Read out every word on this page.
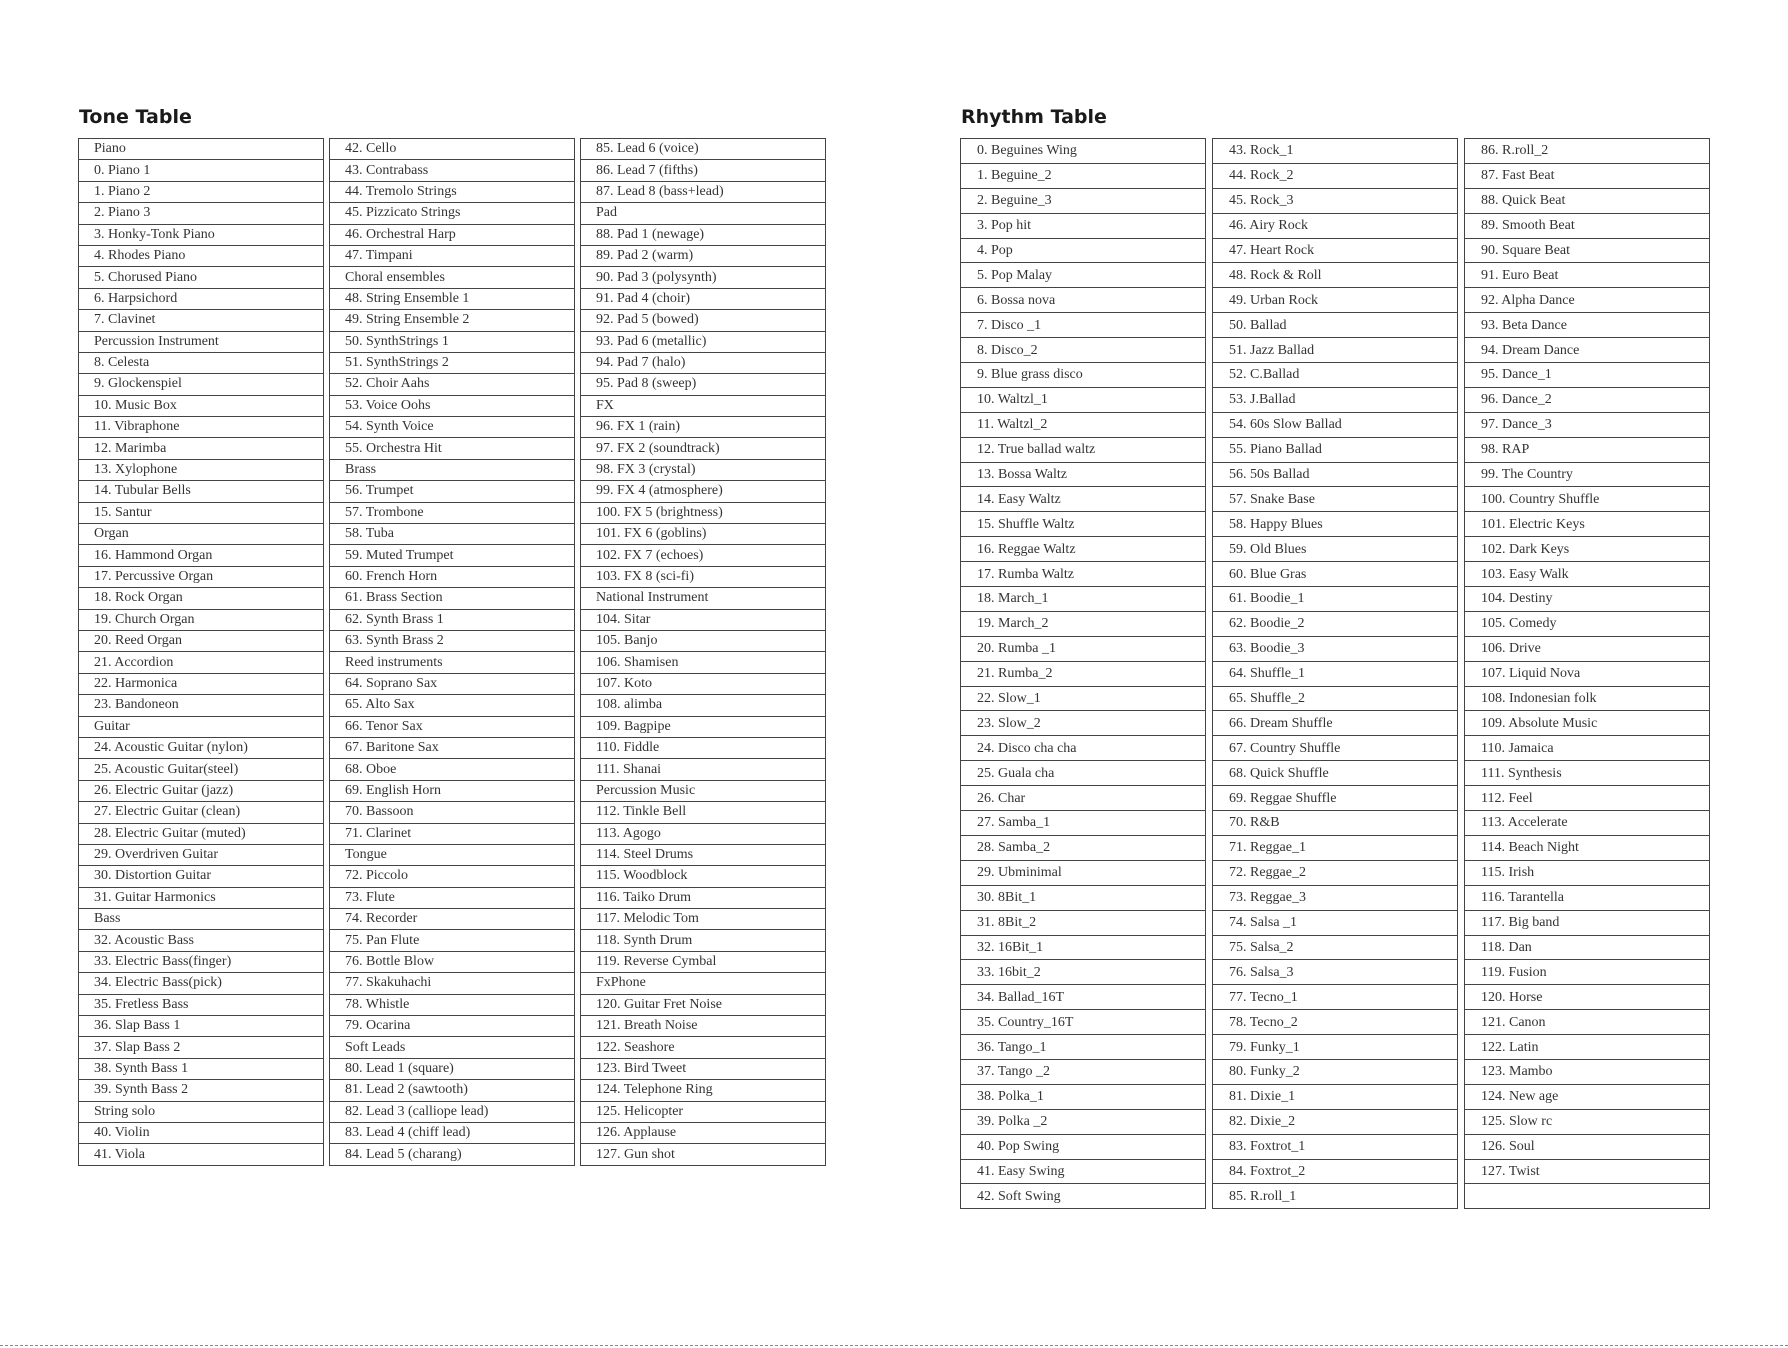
Tone Table
Piano
0. Piano 1
1. Piano 2
2. Piano 3
3. Honky-Tonk Piano
4. Rhodes Piano
5. Chorused Piano
6. Harpsichord
7. Clavinet
Percussion Instrument
8. Celesta
9. Glockenspiel
10. Music Box
11. Vibraphone
12. Marimba
13. Xylophone
14. Tubular Bells
15. Santur
Organ
16. Hammond Organ
17. Percussive Organ
18. Rock Organ
19. Church Organ
20. Reed Organ
21. Accordion
22. Harmonica
23. Bandoneon
Guitar
24. Acoustic Guitar (nylon)
25. Acoustic Guitar(steel)
26. Electric Guitar (jazz)
27. Electric Guitar (clean)
28. Electric Guitar (muted)
29. Overdriven Guitar
30. Distortion Guitar
31. Guitar Harmonics
Bass
32. Acoustic Bass
33. Electric Bass(finger)
34. Electric Bass(pick)
35. Fretless Bass
36. Slap Bass 1
37. Slap Bass 2
38. Synth Bass 1
39. Synth Bass 2
String solo
40. Violin
41. Viola
42. Cello
43. Contrabass
44. Tremolo Strings
45. Pizzicato Strings
46. Orchestral Harp
47. Timpani
Choral ensembles
48. String Ensemble 1
49. String Ensemble 2
50. SynthStrings 1
51. SynthStrings 2
52. Choir Aahs
53. Voice Oohs
54. Synth Voice
55. Orchestra Hit
Brass
56. Trumpet
57. Trombone
58. Tuba
59. Muted Trumpet
60. French Horn
61. Brass Section
62. Synth Brass 1
63. Synth Brass 2
Reed instruments
64. Soprano Sax
65. Alto Sax
66. Tenor Sax
67. Baritone Sax
68. Oboe
69. English Horn
70. Bassoon
71. Clarinet
Tongue
72. Piccolo
73. Flute
74. Recorder
75. Pan Flute
76. Bottle Blow
77. Skakuhachi
78. Whistle
79. Ocarina
Soft Leads
80. Lead 1 (square)
81. Lead 2 (sawtooth)
82. Lead 3 (calliope lead)
83. Lead 4 (chiff lead)
84. Lead 5 (charang)
85. Lead 6 (voice)
86. Lead 7 (fifths)
87. Lead 8 (bass+lead)
Pad
88. Pad 1 (newage)
89. Pad 2 (warm)
90. Pad 3 (polysynth)
91. Pad 4 (choir)
92. Pad 5 (bowed)
93. Pad 6 (metallic)
94. Pad 7 (halo)
95. Pad 8 (sweep)
FX
96. FX 1 (rain)
97. FX 2 (soundtrack)
98. FX 3 (crystal)
99. FX 4 (atmosphere)
100. FX 5 (brightness)
101. FX 6 (goblins)
102. FX 7 (echoes)
103. FX 8 (sci-fi)
National Instrument
104. Sitar
105. Banjo
106. Shamisen
107. Koto
108. alimba
109. Bagpipe
110. Fiddle
111. Shanai
Percussion Music
112. Tinkle Bell
113. Agogo
114. Steel Drums
115. Woodblock
116. Taiko Drum
117. Melodic Tom
118. Synth Drum
119. Reverse Cymbal
FxPhone
120. Guitar Fret Noise
121. Breath Noise
122. Seashore
123. Bird Tweet
124. Telephone Ring
125. Helicopter
126. Applause
127. Gun shot
Rhythm Table
0. Beguines Wing
1. Beguine_2
2. Beguine_3
3. Pop hit
4. Pop
5. Pop Malay
6. Bossa nova
7. Disco _1
8. Disco_2
9. Blue grass disco
10. Waltzl_1
11. Waltzl_2
12. True ballad waltz
13. Bossa Waltz
14. Easy Waltz
15. Shuffle Waltz
16. Reggae Waltz
17. Rumba Waltz
18. March_1
19. March_2
20. Rumba _1
21. Rumba_2
22. Slow_1
23. Slow_2
24. Disco cha cha
25. Guala cha
26. Char
27. Samba_1
28. Samba_2
29. Ubminimal
30. 8Bit_1
31. 8Bit_2
32. 16Bit_1
33. 16bit_2
34. Ballad_16T
35. Country_16T
36. Tango_1
37. Tango _2
38. Polka_1
39. Polka _2
40. Pop Swing
41. Easy Swing
42. Soft Swing
43. Rock_1
44. Rock_2
45. Rock_3
46. Airy Rock
47. Heart Rock
48. Rock & Roll
49. Urban Rock
50. Ballad
51. Jazz Ballad
52. C.Ballad
53. J.Ballad
54. 60s Slow Ballad
55. Piano Ballad
56. 50s Ballad
57. Snake Base
58. Happy Blues
59. Old Blues
60. Blue Gras
61. Boodie_1
62. Boodie_2
63. Boodie_3
64. Shuffle_1
65. Shuffle_2
66. Dream Shuffle
67. Country Shuffle
68. Quick Shuffle
69. Reggae Shuffle
70. R&B
71. Reggae_1
72. Reggae_2
73. Reggae_3
74. Salsa _1
75. Salsa_2
76. Salsa_3
77. Tecno_1
78. Tecno_2
79. Funky_1
80. Funky_2
81. Dixie_1
82. Dixie_2
83. Foxtrot_1
84. Foxtrot_2
85. R.roll_1
86. R.roll_2
87. Fast Beat
88. Quick Beat
89. Smooth Beat
90. Square Beat
91. Euro Beat
92. Alpha Dance
93. Beta Dance
94. Dream Dance
95. Dance_1
96. Dance_2
97. Dance_3
98. RAP
99. The Country
100. Country Shuffle
101. Electric Keys
102. Dark Keys
103. Easy Walk
104. Destiny
105. Comedy
106. Drive
107. Liquid Nova
108. Indonesian folk
109. Absolute Music
110. Jamaica
111. Synthesis
112. Feel
113. Accelerate
114. Beach Night
115. Irish
116. Tarantella
117. Big band
118. Dan
119. Fusion
120. Horse
121. Canon
122. Latin
123. Mambo
124. New age
125. Slow rc
126. Soul
127. Twist
